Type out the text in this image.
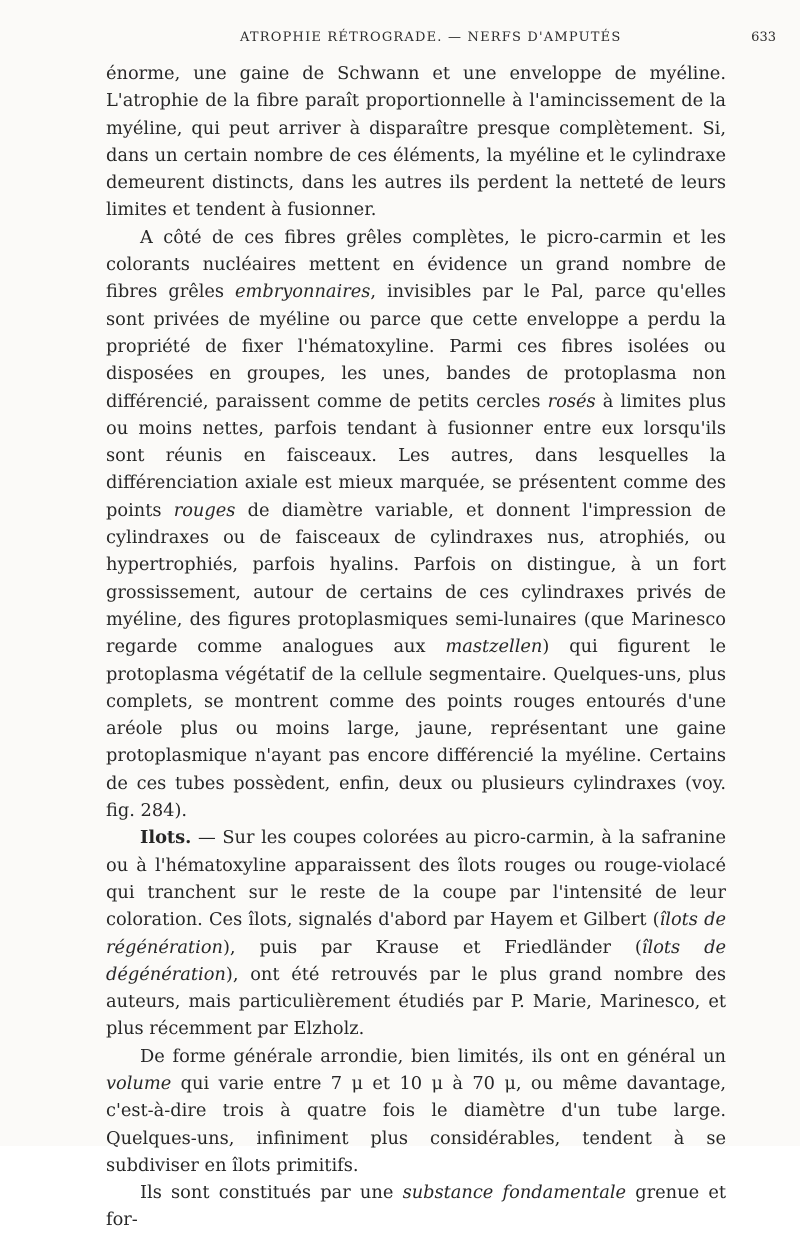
ATROPHIE RÉTROGRADE. — NERFS D'AMPUTÉS	633

énorme, une gaine de Schwann et une enveloppe de myéline. L'atrophie de la fibre paraît proportionnelle à l'amincissement de la myéline, qui peut arriver à disparaître presque complètement. Si, dans un certain nombre de ces éléments, la myéline et le cylindraxe demeurent distincts, dans les autres ils perdent la netteté de leurs limites et tendent à fusionner.

A côté de ces fibres grêles complètes, le picro-carmin et les colorants nucléaires mettent en évidence un grand nombre de fibres grêles embryonnaires, invisibles par le Pal, parce qu'elles sont privées de myéline ou parce que cette enveloppe a perdu la propriété de fixer l'hématoxyline. Parmi ces fibres isolées ou disposées en groupes, les unes, bandes de protoplasma non différencié, paraissent comme de petits cercles rosés à limites plus ou moins nettes, parfois tendant à fusionner entre eux lorsqu'ils sont réunis en faisceaux. Les autres, dans lesquelles la différenciation axiale est mieux marquée, se présentent comme des points rouges de diamètre variable, et donnent l'impression de cylindraxes ou de faisceaux de cylindraxes nus, atrophiés, ou hypertrophiés, parfois hyalins. Parfois on distingue, à un fort grossissement, autour de certains de ces cylindraxes privés de myéline, des figures protoplasmiques semi-lunaires (que Marinesco regarde comme analogues aux mastzellen) qui figurent le protoplasma végétatif de la cellule segmentaire. Quelques-uns, plus complets, se montrent comme des points rouges entourés d'une aréole plus ou moins large, jaune, représentant une gaine protoplasmique n'ayant pas encore différencié la myéline. Certains de ces tubes possèdent, enfin, deux ou plusieurs cylindraxes (voy. fig. 284).

Ilots. — Sur les coupes colorées au picro-carmin, à la safranine ou à l'hématoxyline apparaissent des îlots rouges ou rouge-violacé qui tranchent sur le reste de la coupe par l'intensité de leur coloration. Ces îlots, signalés d'abord par Hayem et Gilbert (îlots de régénération), puis par Krause et Friedländer (îlots de dégénération), ont été retrouvés par le plus grand nombre des auteurs, mais particulièrement étudiés par P. Marie, Marinesco, et plus récemment par Elzholz.

De forme générale arrondie, bien limités, ils ont en général un volume qui varie entre 7 μ et 10 μ à 70 μ, ou même davantage, c'est-à-dire trois à quatre fois le diamètre d'un tube large. Quelques-uns, infiniment plus considérables, tendent à se subdiviser en îlots primitifs.

Ils sont constitués par une substance fondamentale grenue et for-
